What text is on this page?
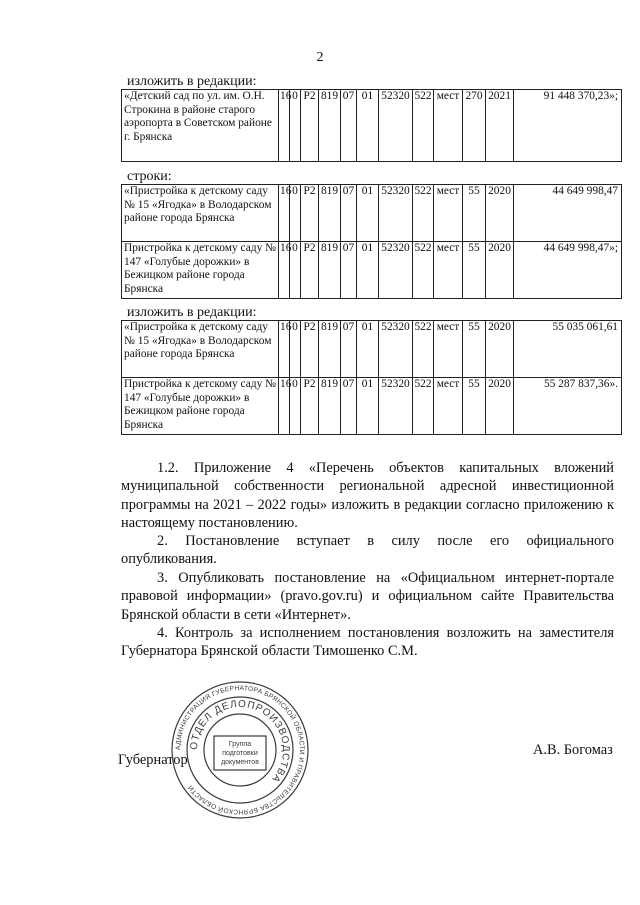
2
изложить в редакции:
«Детский сад по ул. им. О.Н. Строкина в районе старого аэропорта в Советском районе г. Брянска	16	0	Р2	819	07	01	52320	522	мест	270	2021	91 448 370,23»;
строки:
«Пристройка к детскому саду № 15 «Ягодка» в Володарском районе города Брянска	16	0	Р2	819	07	01	52320	522	мест	55	2020	44 649 998,47
Пристройка к детскому саду № 147 «Голубые дорожки» в Бежицком районе города Брянска	16	0	Р2	819	07	01	52320	522	мест	55	2020	44 649 998,47»;
изложить в редакции:
«Пристройка к детскому саду № 15 «Ягодка» в Володарском районе города Брянска	16	0	Р2	819	07	01	52320	522	мест	55	2020	55 035 061,61
Пристройка к детскому саду № 147 «Голубые дорожки» в Бежицком районе города Брянска	16	0	Р2	819	07	01	52320	522	мест	55	2020	55 287 837,36».
1.2. Приложение 4 «Перечень объектов капитальных вложений муниципальной собственности региональной адресной инвестиционной программы на 2021 – 2022 годы» изложить в редакции согласно приложению к настоящему постановлению.
2. Постановление вступает в силу после его официального опубликования.
3. Опубликовать постановление на «Официальном интернет-портале правовой информации» (pravo.gov.ru) и официальном сайте Правительства Брянской области в сети «Интернет».
4. Контроль за исполнением постановления возложить на заместителя Губернатора Брянской области Тимошенко С.М.
Губернатор
А.В. Богомаз
АДМИНИСТРАЦИЯ ГУБЕРНАТОРА БРЯНСКОЙ ОБЛАСТИ И ПРАВИТЕЛЬСТВА БРЯНСКОЙ ОБЛАСТИ
ОТДЕЛ ДЕЛОПРОИЗВОДСТВА
Группа
подготовки
документов
